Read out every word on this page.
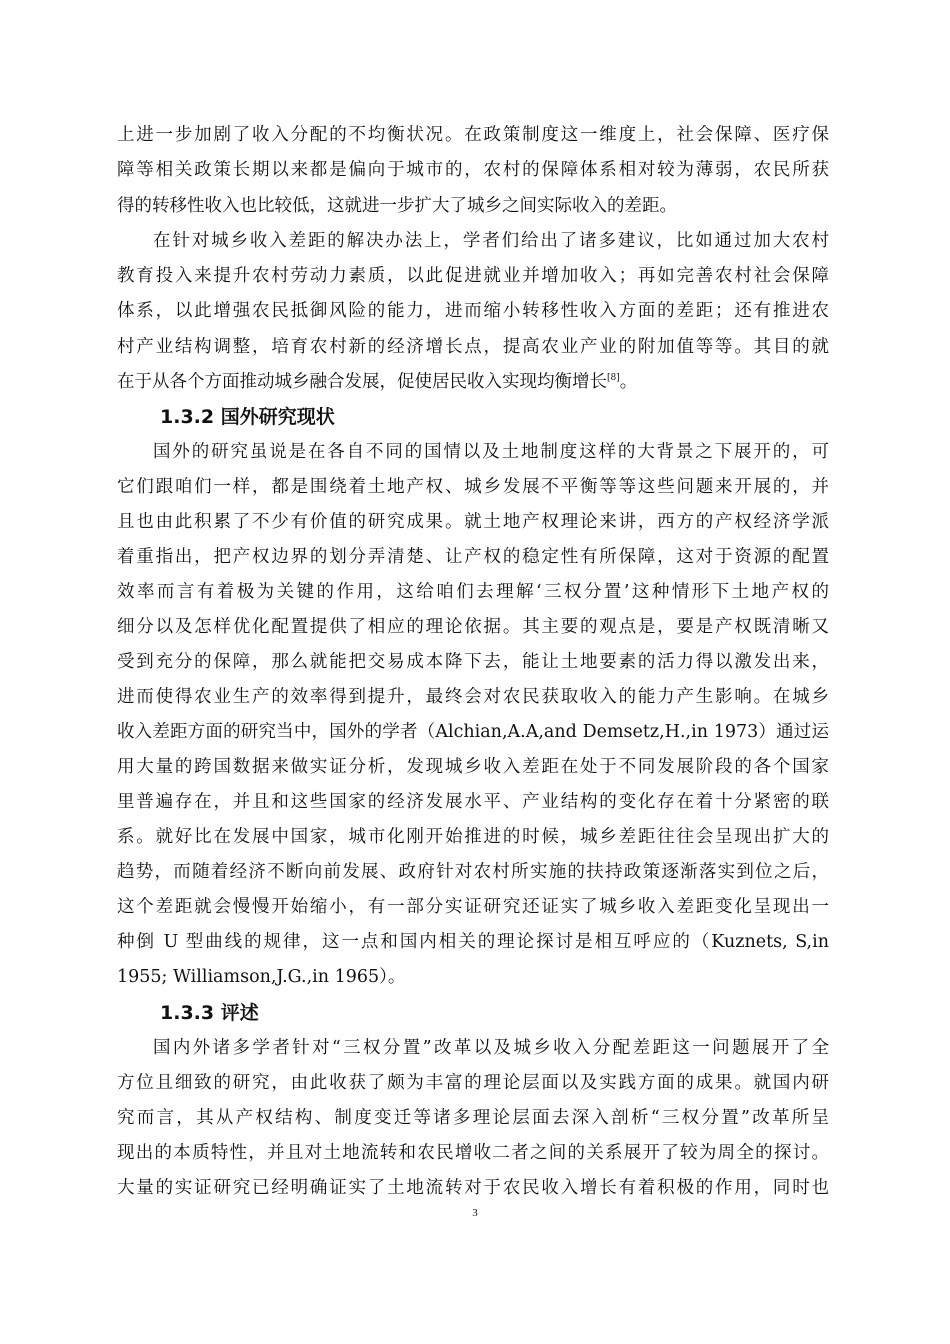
上进一步加剧了收入分配的不均衡状况。在政策制度这一维度上，社会保障、医疗保
障等相关政策长期以来都是偏向于城市的，农村的保障体系相对较为薄弱，农民所获
得的转移性收入也比较低，这就进一步扩大了城乡之间实际收入的差距。
在针对城乡收入差距的解决办法上，学者们给出了诸多建议，比如通过加大农村
教育投入来提升农村劳动力素质，以此促进就业并增加收入；再如完善农村社会保障
体系，以此增强农民抵御风险的能力，进而缩小转移性收入方面的差距；还有推进农
村产业结构调整，培育农村新的经济增长点，提高农业产业的附加值等等。其目的就
在于从各个方面推动城乡融合发展，促使居民收入实现均衡增长[8]。
1.3.2 国外研究现状
国外的研究虽说是在各自不同的国情以及土地制度这样的大背景之下展开的，可
它们跟咱们一样，都是围绕着土地产权、城乡发展不平衡等等这些问题来开展的，并
且也由此积累了不少有价值的研究成果。就土地产权理论来讲，西方的产权经济学派
着重指出，把产权边界的划分弄清楚、让产权的稳定性有所保障，这对于资源的配置
效率而言有着极为关键的作用，这给咱们去理解‘三权分置’这种情形下土地产权的
细分以及怎样优化配置提供了相应的理论依据。其主要的观点是，要是产权既清晰又
受到充分的保障，那么就能把交易成本降下去，能让土地要素的活力得以激发出来，
进而使得农业生产的效率得到提升，最终会对农民获取收入的能力产生影响。在城乡
收入差距方面的研究当中，国外的学者（Alchian,A.A,and Demsetz,H.,in 1973）通过运
用大量的跨国数据来做实证分析，发现城乡收入差距在处于不同发展阶段的各个国家
里普遍存在，并且和这些国家的经济发展水平、产业结构的变化存在着十分紧密的联
系。就好比在发展中国家，城市化刚开始推进的时候，城乡差距往往会呈现出扩大的
趋势，而随着经济不断向前发展、政府针对农村所实施的扶持政策逐渐落实到位之后，
这个差距就会慢慢开始缩小，有一部分实证研究还证实了城乡收入差距变化呈现出一
种倒 U 型曲线的规律，这一点和国内相关的理论探讨是相互呼应的（Kuznets, S,in
1955; Williamson,J.G.,in 1965）。
1.3.3 评述
国内外诸多学者针对“三权分置”改革以及城乡收入分配差距这一问题展开了全
方位且细致的研究，由此收获了颇为丰富的理论层面以及实践方面的成果。就国内研
究而言，其从产权结构、制度变迁等诸多理论层面去深入剖析“三权分置”改革所呈
现出的本质特性，并且对土地流转和农民增收二者之间的关系展开了较为周全的探讨。
大量的实证研究已经明确证实了土地流转对于农民收入增长有着积极的作用，同时也
3
